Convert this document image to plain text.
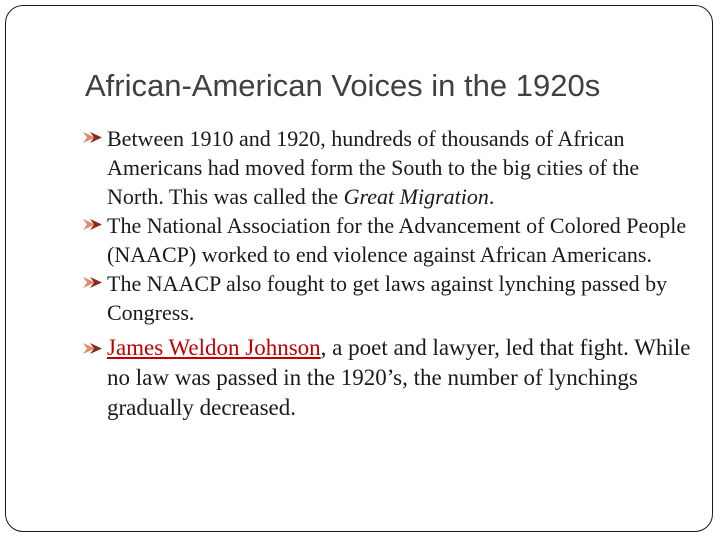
African-American Voices in the 1920s
Between 1910 and 1920, hundreds of thousands of African Americans had moved form the South to the big cities of the North. This was called the Great Migration.
The National Association for the Advancement of Colored People (NAACP) worked to end violence against African Americans.
The NAACP also fought to get laws against lynching passed by Congress.
James Weldon Johnson, a poet and lawyer, led that fight. While no law was passed in the 1920’s, the number of lynchings gradually decreased.
